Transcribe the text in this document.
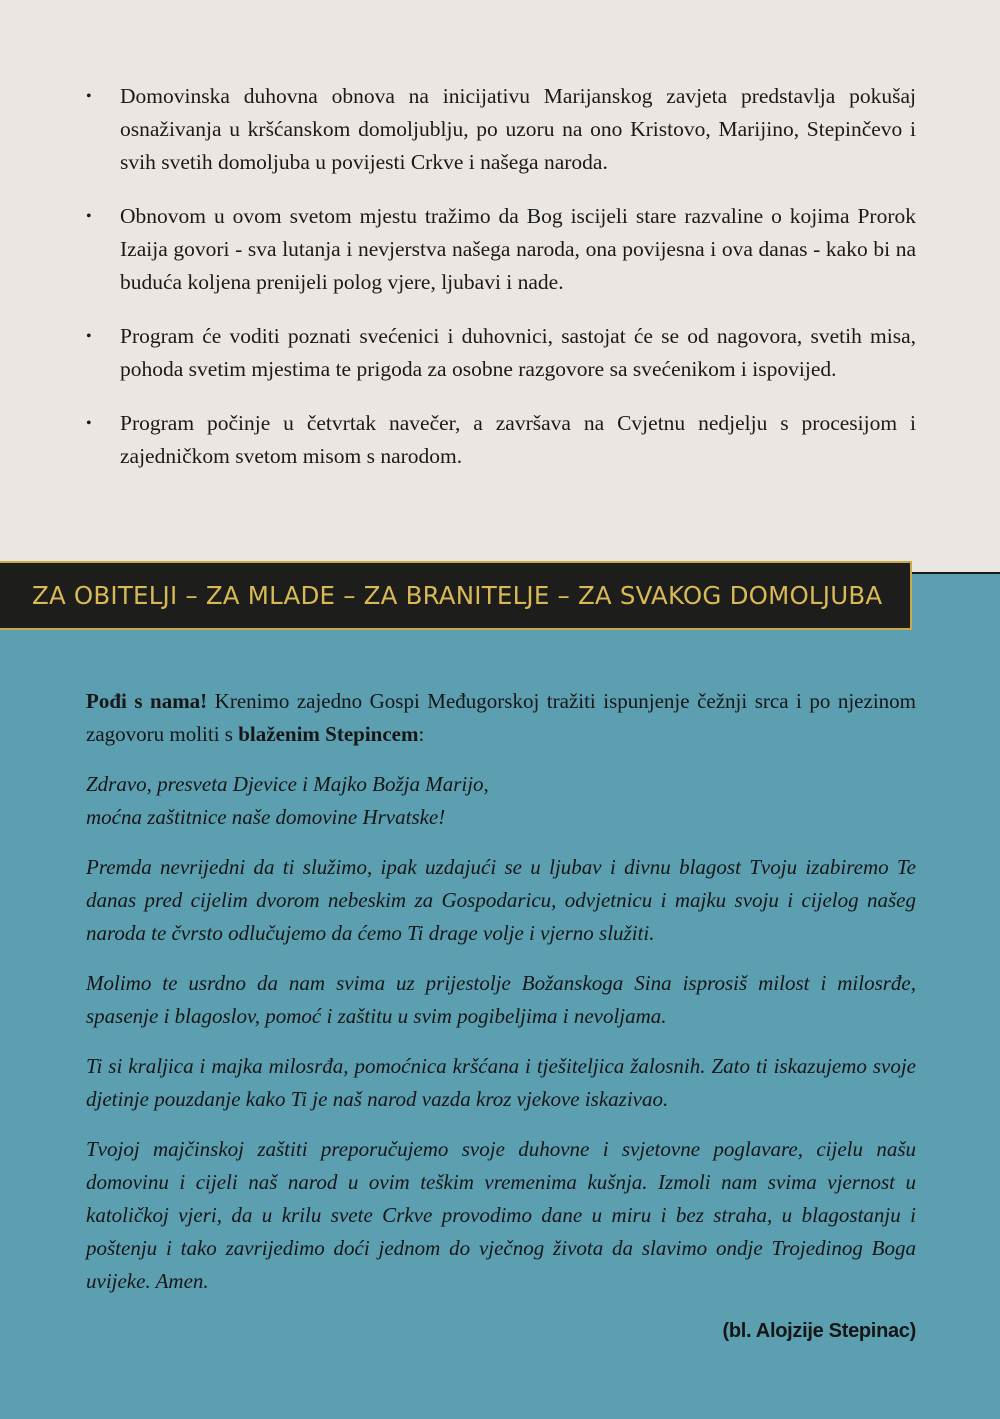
• Domovinska duhovna obnova na inicijativu Marijanskog zavjeta predstavlja pokušaj osnaživanja u kršćanskom domoljublju, po uzoru na ono Kristovo, Marijino, Stepinčevo i svih svetih domoljuba u povijesti Crkve i našega naroda.
• Obnovom u ovom svetom mjestu tražimo da Bog iscijeli stare razvaline o kojima Prorok Izaija govori - sva lutanja i nevjerstva našega naroda, ona povijesna i ova danas - kako bi na buduća koljena prenijeli polog vjere, ljubavi i nade.
• Program će voditi poznati svećenici i duhovnici, sastojat će se od nagovora, svetih misa, pohoda svetim mjestima te prigoda za osobne razgovore sa svećenikom i ispovijed.
• Program počinje u četvrtak navečer, a završava na Cvjetnu nedjelju s procesijom i zajedničkom svetom misom s narodom.
ZA OBITELJI – ZA MLADE – ZA BRANITELJE – ZA SVAKOG DOMOLJUBA

Pođi s nama! Krenimo zajedno Gospi Međugorskoj tražiti ispunjenje čežnji srca i po njezinom zagovoru moliti s blaženim Stepincem:

Zdravo, presveta Djevice i Majko Božja Marijo,
moćna zaštitnice naše domovine Hrvatske!

Premda nevrijedni da ti služimo, ipak uzdajući se u ljubav i divnu blagost Tvoju izabiremo Te danas pred cijelim dvorom nebeskim za Gospodaricu, odvjetnicu i majku svoju i cijelog našeg naroda te čvrsto odlučujemo da ćemo Ti drage volje i vjerno služiti.

Molimo te usrdno da nam svima uz prijestolje Božanskoga Sina isprosiš milost i milosrđe, spasenje i blagoslov, pomoć i zaštitu u svim pogibeljima i nevoljama.

Ti si kraljica i majka milosrđa, pomoćnica kršćana i tješiteljica žalosnih. Zato ti iskazujemo svoje djetinje pouzdanje kako Ti je naš narod vazda kroz vjekove iskazivao.

Tvojoj majčinskoj zaštiti preporučujemo svoje duhovne i svjetovne poglavare, cijelu našu domovinu i cijeli naš narod u ovim teškim vremenima kušnja. Izmoli nam svima vjernost u katoličkoj vjeri, da u krilu svete Crkve provodimo dane u miru i bez straha, u blagostanju i poštenju i tako zavrijedimo doći jednom do vječnog života da slavimo ondje Trojedinog Boga uvijeke. Amen.

(bl. Alojzije Stepinac)
